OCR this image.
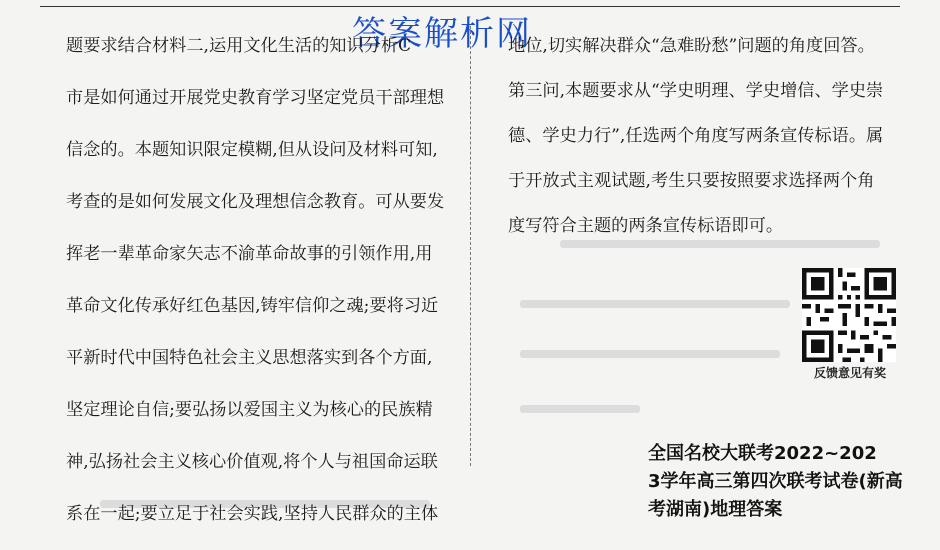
答案解析网
题要求结合材料二,运用文化生活的知识分析C
市是如何通过开展党史教育学习坚定党员干部理想
信念的。本题知识限定模糊,但从设问及材料可知,
考查的是如何发展文化及理想信念教育。可从要发
挥老一辈革命家矢志不渝革命故事的引领作用,用
革命文化传承好红色基因,铸牢信仰之魂;要将习近
平新时代中国特色社会主义思想落实到各个方面,
坚定理论自信;要弘扬以爱国主义为核心的民族精
神,弘扬社会主义核心价值观,将个人与祖国命运联
系在一起;要立足于社会实践,坚持人民群众的主体
地位,切实解决群众“急难盼愁”问题的角度回答。
第三问,本题要求从“学史明理、学史增信、学史崇
德、学史力行”,任选两个角度写两条宣传标语。属
于开放式主观试题,考生只要按照要求选择两个角
度写符合主题的两条宣传标语即可。
反馈意见有奖
全国名校大联考2022~202
3学年高三第四次联考试卷(新高
考湖南)地理答案
